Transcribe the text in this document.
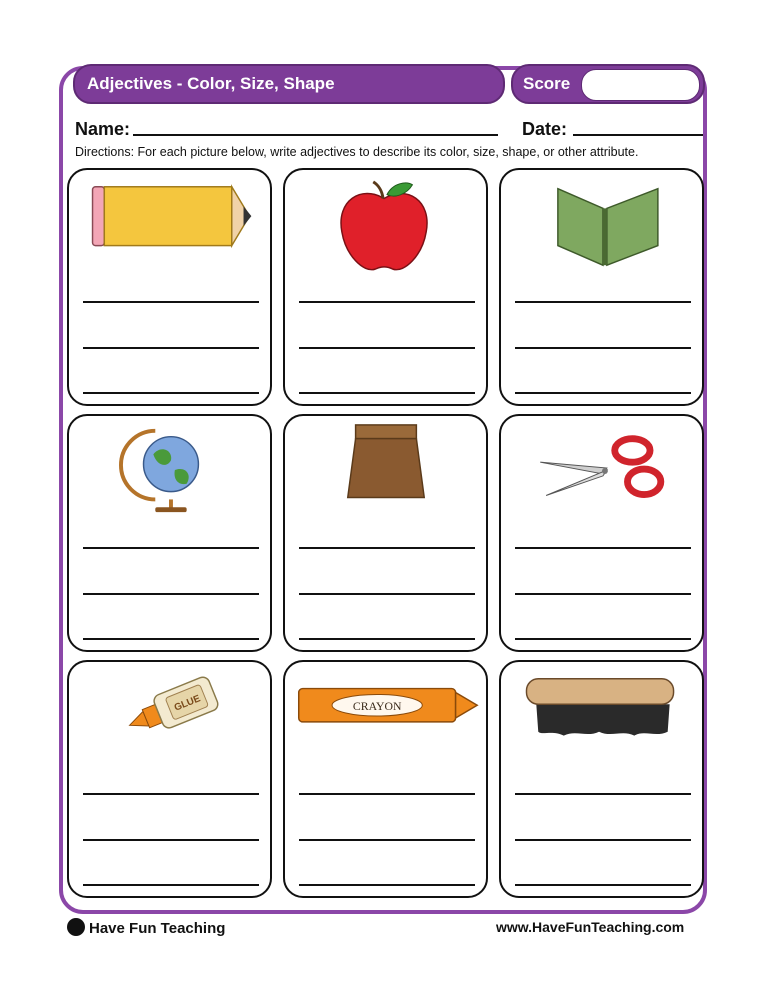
Adjectives - Color, Size, Shape	Score
Name:	Date:
Directions: For each picture below, write adjectives to describe its color, size, shape, or other attribute.
GLUE	CRAYON
Have Fun Teaching	www.HaveFunTeaching.com
